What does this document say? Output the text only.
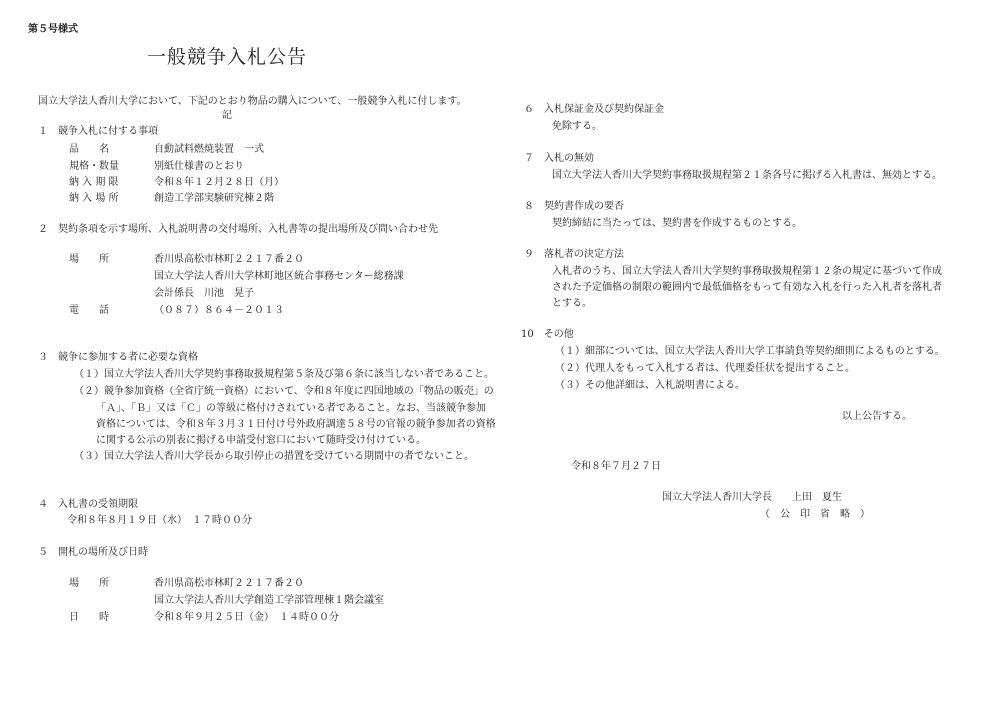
第５号様式
一般競争入札公告
国立大学法人香川大学において、下記のとおり物品の購入について、一般競争入札に付します。
記
１　競争入札に付する事項
品　　名	自動試料燃焼装置　一式
規格・数量	別紙仕様書のとおり
納 入 期 限	令和８年１２月２８日（月）
納 入 場 所	創造工学部実験研究棟２階
２　契約条項を示す場所、入札説明書の交付場所、入札書等の提出場所及び問い合わせ先
場　　所	香川県高松市林町２２１７番２０
国立大学法人香川大学林町地区統合事務センター総務課
会計係長　川池　晃子
電　　話	（０８７）８６４－２０１３
３　競争に参加する者に必要な資格
（１）国立大学法人香川大学契約事務取扱規程第５条及び第６条に該当しない者であること。
（２）競争参加資格（全省庁統一資格）において、令和８年度に四国地域の「物品の販売」の
「Ａ」、「Ｂ」又は「Ｃ」の等級に格付けされている者であること。なお、当該競争参加
資格については、令和８年３月３１日付け号外政府調達５８号の官報の競争参加者の資格
に関する公示の別表に掲げる申請受付窓口において随時受け付けている。
（３）国立大学法人香川大学長から取引停止の措置を受けている期間中の者でないこと。
４　入札書の受領期限
令和８年８月１９日（水）　１７時００分
５　開札の場所及び日時
場　　所	香川県高松市林町２２１７番２０
国立大学法人香川大学創造工学部管理棟１階会議室
日　　時	令和８年９月２５日（金）　１４時００分
６　入札保証金及び契約保証金
免除する。
７　入札の無効
国立大学法人香川大学契約事務取扱規程第２１条各号に掲げる入札書は、無効とする。
８　契約書作成の要否
契約締結に当たっては、契約書を作成するものとする。
９　落札者の決定方法
入札者のうち、国立大学法人香川大学契約事務取扱規程第１２条の規定に基づいて作成
された予定価格の制限の範囲内で最低価格をもって有効な入札を行った入札者を落札者
とする。
10　その他
（１）細部については、国立大学法人香川大学工事請負等契約細則によるものとする。
（２）代理人をもって入札する者は、代理委任状を提出すること。
（３）その他詳細は、入札説明書による。
以上公告する。
令和８年７月２７日
国立大学法人香川大学長　　上田　夏生
（　公　印　省　略　）
